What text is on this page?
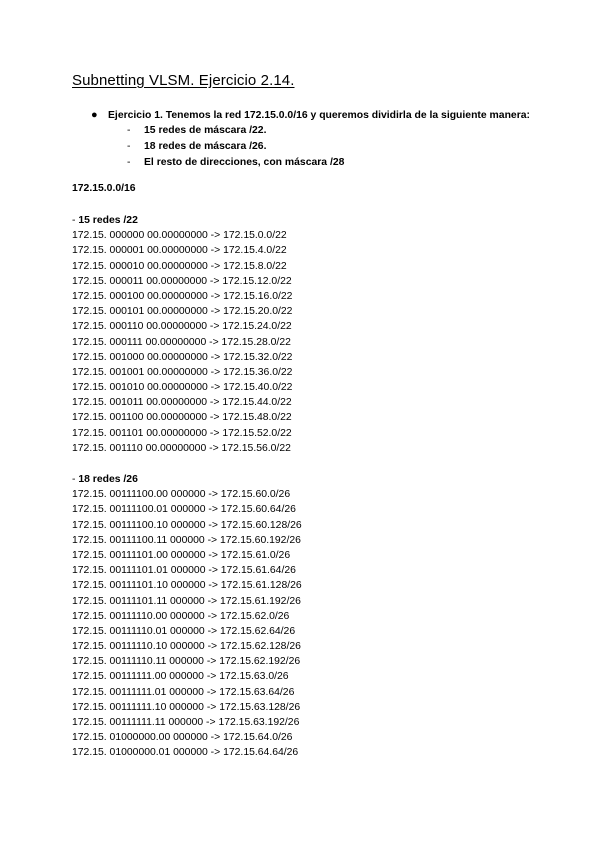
Subnetting VLSM. Ejercicio 2.14.
● Ejercicio 1. Tenemos la red 172.15.0.0/16 y queremos dividirla de la siguiente manera:
- 15 redes de máscara /22.
- 18 redes de máscara /26.
- El resto de direcciones, con máscara /28
172.15.0.0/16
- 15 redes /22
172.15. 000000 00.00000000 -> 172.15.0.0/22
172.15. 000001 00.00000000 -> 172.15.4.0/22
172.15. 000010 00.00000000 -> 172.15.8.0/22
172.15. 000011 00.00000000 -> 172.15.12.0/22
172.15. 000100 00.00000000 -> 172.15.16.0/22
172.15. 000101 00.00000000 -> 172.15.20.0/22
172.15. 000110 00.00000000 -> 172.15.24.0/22
172.15. 000111 00.00000000 -> 172.15.28.0/22
172.15. 001000 00.00000000 -> 172.15.32.0/22
172.15. 001001 00.00000000 -> 172.15.36.0/22
172.15. 001010 00.00000000 -> 172.15.40.0/22
172.15. 001011 00.00000000 -> 172.15.44.0/22
172.15. 001100 00.00000000 -> 172.15.48.0/22
172.15. 001101 00.00000000 -> 172.15.52.0/22
172.15. 001110 00.00000000 -> 172.15.56.0/22
- 18 redes /26
172.15. 00111100.00 000000 -> 172.15.60.0/26
172.15. 00111100.01 000000 -> 172.15.60.64/26
172.15. 00111100.10 000000 -> 172.15.60.128/26
172.15. 00111100.11 000000 -> 172.15.60.192/26
172.15. 00111101.00 000000 -> 172.15.61.0/26
172.15. 00111101.01 000000 -> 172.15.61.64/26
172.15. 00111101.10 000000 -> 172.15.61.128/26
172.15. 00111101.11 000000 -> 172.15.61.192/26
172.15. 00111110.00 000000 -> 172.15.62.0/26
172.15. 00111110.01 000000 -> 172.15.62.64/26
172.15. 00111110.10 000000 -> 172.15.62.128/26
172.15. 00111110.11 000000 -> 172.15.62.192/26
172.15. 00111111.00 000000 -> 172.15.63.0/26
172.15. 00111111.01 000000 -> 172.15.63.64/26
172.15. 00111111.10 000000 -> 172.15.63.128/26
172.15. 00111111.11 000000 -> 172.15.63.192/26
172.15. 01000000.00 000000 -> 172.15.64.0/26
172.15. 01000000.01 000000 -> 172.15.64.64/26
